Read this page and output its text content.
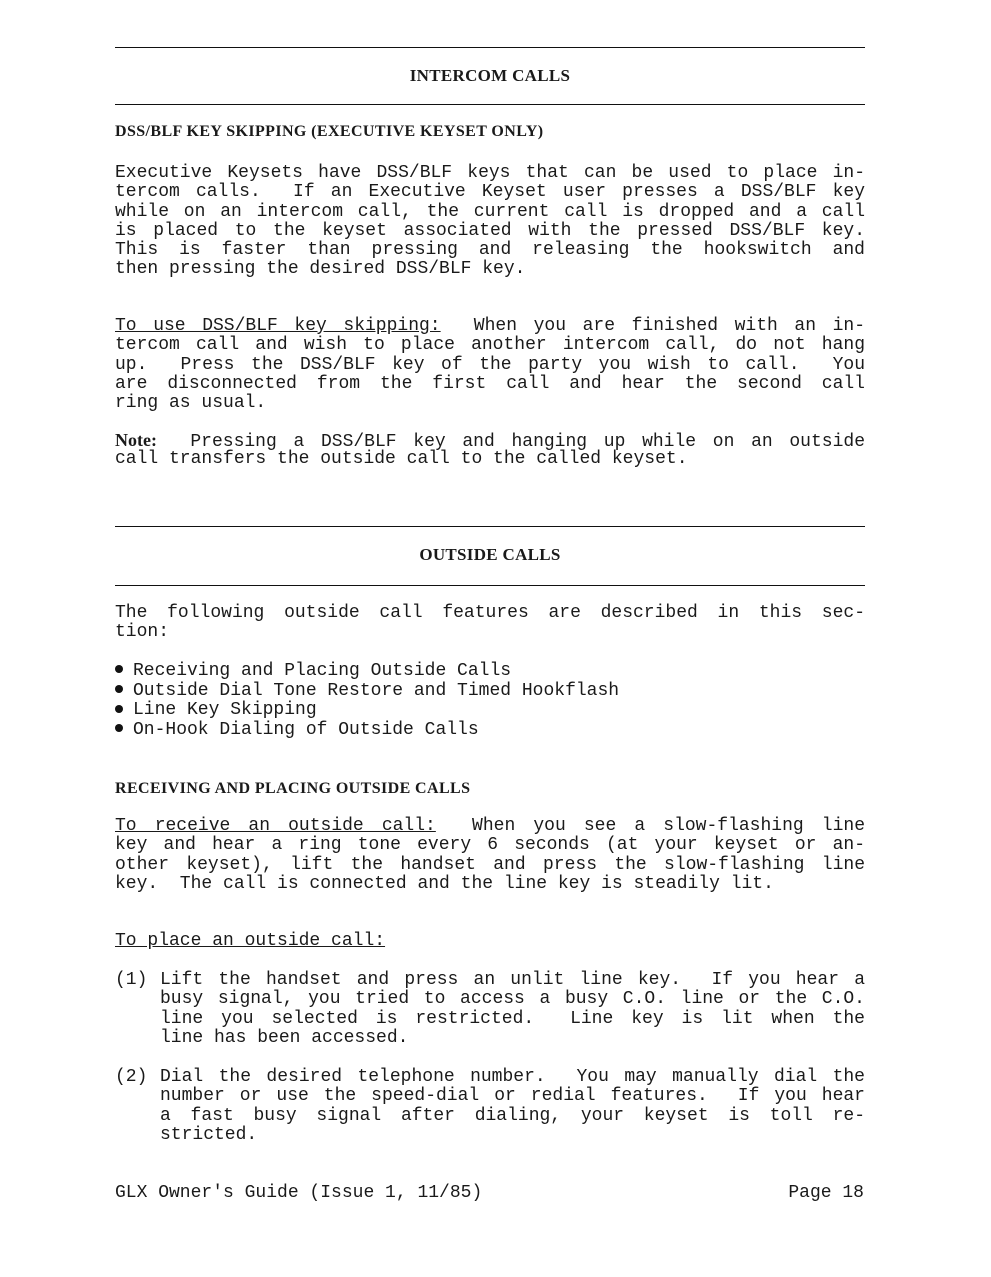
INTERCOM CALLS
DSS/BLF KEY SKIPPING (EXECUTIVE KEYSET ONLY)
Executive Keysets have DSS/BLF keys that can be used to place in-
tercom calls.  If an Executive Keyset user presses a DSS/BLF key
while on an intercom call, the current call is dropped and a call
is placed to the keyset associated with the pressed DSS/BLF key.
This is faster than pressing and releasing the hookswitch and
then pressing the desired DSS/BLF key.
To use DSS/BLF key skipping:  When you are finished with an in-
tercom call and wish to place another intercom call, do not hang
up.  Press the DSS/BLF key of the party you wish to call.  You
are disconnected from the first call and hear the second call
ring as usual.
Note:  Pressing a DSS/BLF key and hanging up while on an outside
call transfers the outside call to the called keyset.
OUTSIDE CALLS
The following outside call features are described in this sec-
tion:
Receiving and Placing Outside Calls
Outside Dial Tone Restore and Timed Hookflash
Line Key Skipping
On-Hook Dialing of Outside Calls
RECEIVING AND PLACING OUTSIDE CALLS
To receive an outside call:  When you see a slow-flashing line
key and hear a ring tone every 6 seconds (at your keyset or an-
other keyset), lift the handset and press the slow-flashing line
key.  The call is connected and the line key is steadily lit.
To place an outside call:
(1) Lift the handset and press an unlit line key.  If you hear a
busy signal, you tried to access a busy C.O. line or the C.O.
line you selected is restricted.  Line key is lit when the
line has been accessed.
(2) Dial the desired telephone number.  You may manually dial the
number or use the speed-dial or redial features.  If you hear
a fast busy signal after dialing, your keyset is toll re-
stricted.
GLX Owner's Guide (Issue 1, 11/85)	Page 18
